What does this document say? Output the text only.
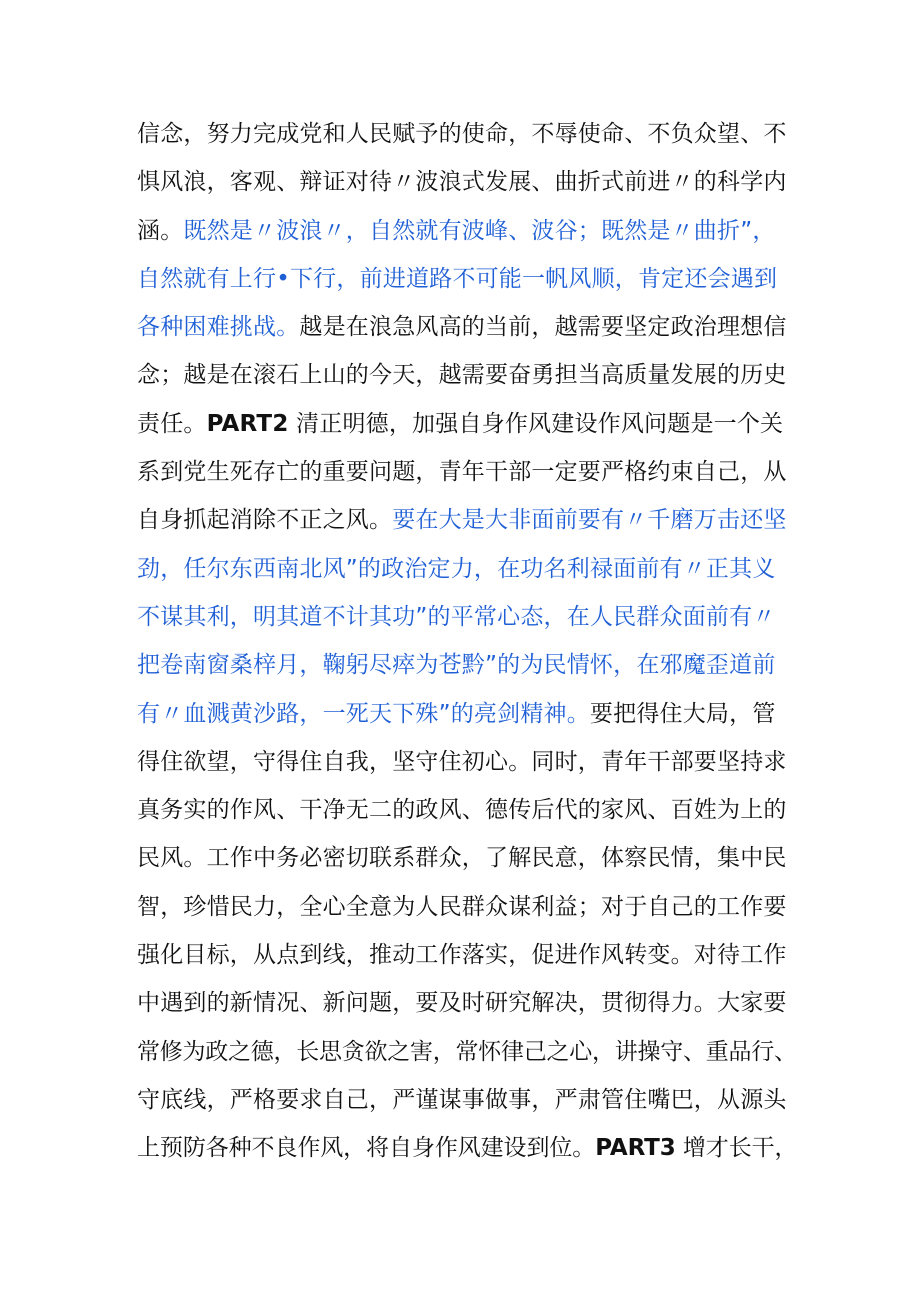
信念，努力完成党和人民赋予的使命，不辱使命、不负众望、不
惧风浪，客观、辩证对待〃波浪式发展、曲折式前进〃的科学内
涵。既然是〃波浪〃，自然就有波峰、波谷；既然是〃曲折”，
自然就有上行•下行，前进道路不可能一帆风顺，肯定还会遇到
各种困难挑战。越是在浪急风高的当前，越需要坚定政治理想信
念；越是在滚石上山的今天，越需要奋勇担当高质量发展的历史
责任。PART2 清正明德，加强自身作风建设作风问题是一个关
系到党生死存亡的重要问题，青年干部一定要严格约束自己，从
自身抓起消除不正之风。要在大是大非面前要有〃千磨万击还坚
劲，任尔东西南北风”的政治定力，在功名利禄面前有〃正其义
不谋其利，明其道不计其功”的平常心态，在人民群众面前有〃
把卷南窗桑梓月，鞠躬尽瘁为苍黔”的为民情怀，在邪魔歪道前
有〃血溅黄沙路，一死天下殊”的亮剑精神。要把得住大局，管
得住欲望，守得住自我，坚守住初心。同时，青年干部要坚持求
真务实的作风、干净无二的政风、德传后代的家风、百姓为上的
民风。工作中务必密切联系群众，了解民意，体察民情，集中民
智，珍惜民力，全心全意为人民群众谋利益；对于自己的工作要
强化目标，从点到线，推动工作落实，促进作风转变。对待工作
中遇到的新情况、新问题，要及时研究解决，贯彻得力。大家要
常修为政之德，长思贪欲之害，常怀律己之心，讲操守、重品行、
守底线，严格要求自己，严谨谋事做事，严肃管住嘴巴，从源头
上预防各种不良作风，将自身作风建设到位。PART3 增才长干，
